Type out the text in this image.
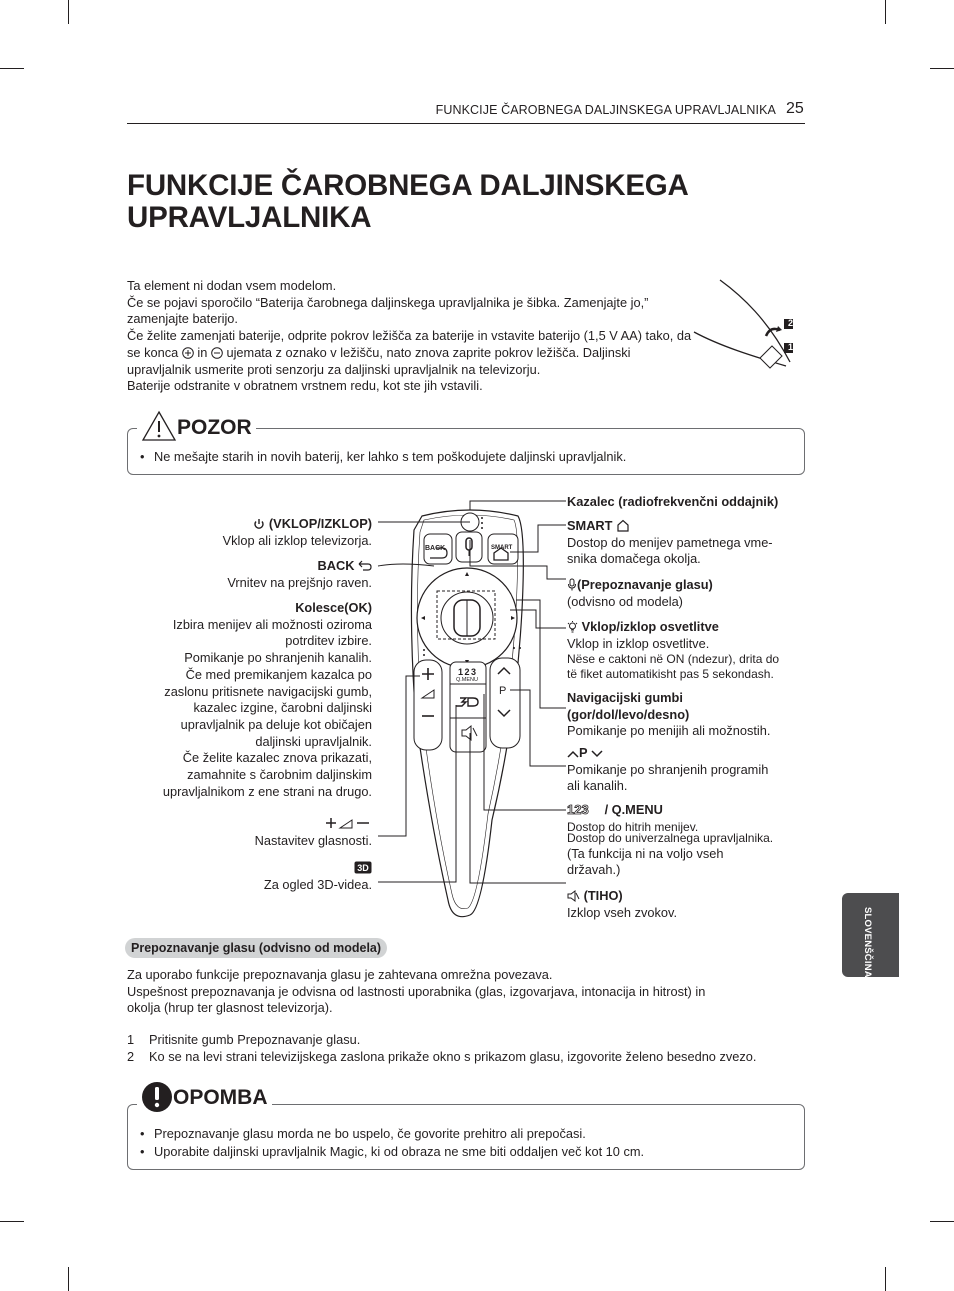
FUNKCIJE ČAROBNEGA DALJINSKEGA UPRAVLJALNIKA 25
FUNKCIJE ČAROBNEGA DALJINSKEGA
UPRAVLJALNIKA
Ta element ni dodan vsem modelom.
Če se pojavi sporočilo “Baterija čarobnega daljinskega upravljalnika je šibka. Zamenjajte jo,” zamenjajte baterijo.
Če želite zamenjati baterije, odprite pokrov ležišča za baterije in vstavite baterijo (1,5 V AA) tako, da se konca in ujemata z oznako v ležišču, nato znova zaprite pokrov ležišča. Daljinski upravljalnik usmerite proti senzorju za daljinski upravljalnik na televizorju.
Baterije odstranite v obratnem vrstnem redu, kot ste jih vstavili.
2
1
• Ne mešajte starih in novih baterij, ker lahko s tem poškodujete daljinski upravljalnik.
POZOR
BACK	SMART
1 2 3
Q.MENU
P
(VKLOP/IZKLOP)
Vklop ali izklop televizorja.
BACK
Vrnitev na prejšnjo raven.
Kolesce(OK)
Izbira menijev ali možnosti oziroma
potrditev izbire.
Pomikanje po shranjenih kanalih.
Če med premikanjem kazalca po
zaslonu pritisnete navigacijski gumb,
kazalec izgine, čarobni daljinski
upravljalnik pa deluje kot običajen
daljinski upravljalnik.
Če želite kazalec znova prikazati,
zamahnite s čarobnim daljinskim
upravljalnikom z ene strani na drugo.
Nastavitev glasnosti.
3D
Za ogled 3D-videa.
Kazalec (radiofrekvenčni oddajnik)
SMART
Dostop do menijev pametnega vme-
snika domačega okolja.
(Prepoznavanje glasu)
(odvisno od modela)
Vklop/izklop osvetlitve
Vklop in izklop osvetlitve.
Nëse e caktoni në ON (ndezur), drita do
të fiket automatikisht pas 5 sekondash.
Navigacijski gumbi
(gor/dol/levo/desno)
Pomikanje po menijih ali možnostih.
P
Pomikanje po shranjenih programih
ali kanalih.
123 / Q.MENU
Dostop do hitrih menijev.
Dostop do univerzalnega upravljalnika.
(Ta funkcija ni na voljo vseh
državah.)
(TIHO)
Izklop vseh zvokov.
Prepoznavanje glasu (odvisno od modela)
Za uporabo funkcije prepoznavanja glasu je zahtevana omrežna povezava.
Uspešnost prepoznavanja je odvisna od lastnosti uporabnika (glas, izgovarjava, intonacija in hitrost) in
okolja (hrup ter glasnost televizorja).
1 Pritisnite gumb Prepoznavanje glasu.
2 Ko se na levi strani televizijskega zaslona prikaže okno s prikazom glasu, izgovorite želeno besedno zvezo.
• Prepoznavanje glasu morda ne bo uspelo, če govorite prehitro ali prepočasi.
• Uporabite daljinski upravljalnik Magic, ki od obraza ne sme biti oddaljen več kot 10 cm.
OPOMBA
SLOVENŠČINA
